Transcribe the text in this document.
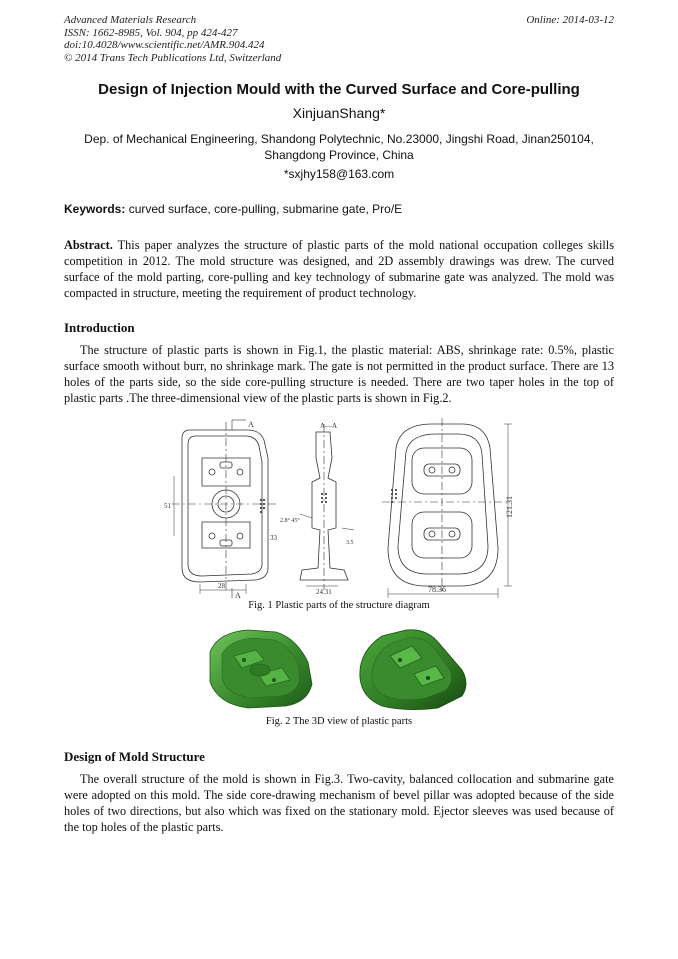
Advanced Materials Research
ISSN: 1662-8985, Vol. 904, pp 424-427
doi:10.4028/www.scientific.net/AMR.904.424
© 2014 Trans Tech Publications Ltd, Switzerland
Online: 2014-03-12
Design of Injection Mould with the Curved Surface and Core-pulling
XinjuanShang*
Dep. of Mechanical Engineering, Shandong Polytechnic, No.23000, Jingshi Road, Jinan250104, Shangdong Province, China
*sxjhy158@163.com
Keywords: curved surface, core-pulling, submarine gate, Pro/E

Abstract. This paper analyzes the structure of plastic parts of the mold national occupation colleges skills competition in 2012. The mold structure was designed, and 2D assembly drawings was drew. The curved surface of the mold parting, core-pulling and key technology of submarine gate was analyzed. The mold was compacted in structure, meeting the requirement of product technology.

Introduction

The structure of plastic parts is shown in Fig.1, the plastic material: ABS, shrinkage rate: 0.5%, plastic surface smooth without burr, no shrinkage mark. The gate is not permitted in the product surface. There are 13 holes of the parts side, so the side core-pulling structure is needed. There are two taper holes in the top of plastic parts .The three-dimensional view of the plastic parts is shown in Fig.2.

A
A
A—A
51
33
28
24.31
2.8° 45°
3.5
121.31
78.36
Fig. 1 Plastic parts of the structure diagram
Fig. 2 The 3D view of plastic parts
Design of Mold Structure

The overall structure of the mold is shown in Fig.3. Two-cavity, balanced collocation and submarine gate were adopted on this mold. The side core-drawing mechanism of bevel pillar was adopted because of the side holes of two directions, but also which was fixed on the stationary mold. Ejector sleeves was used because of the top holes of the plastic parts.
